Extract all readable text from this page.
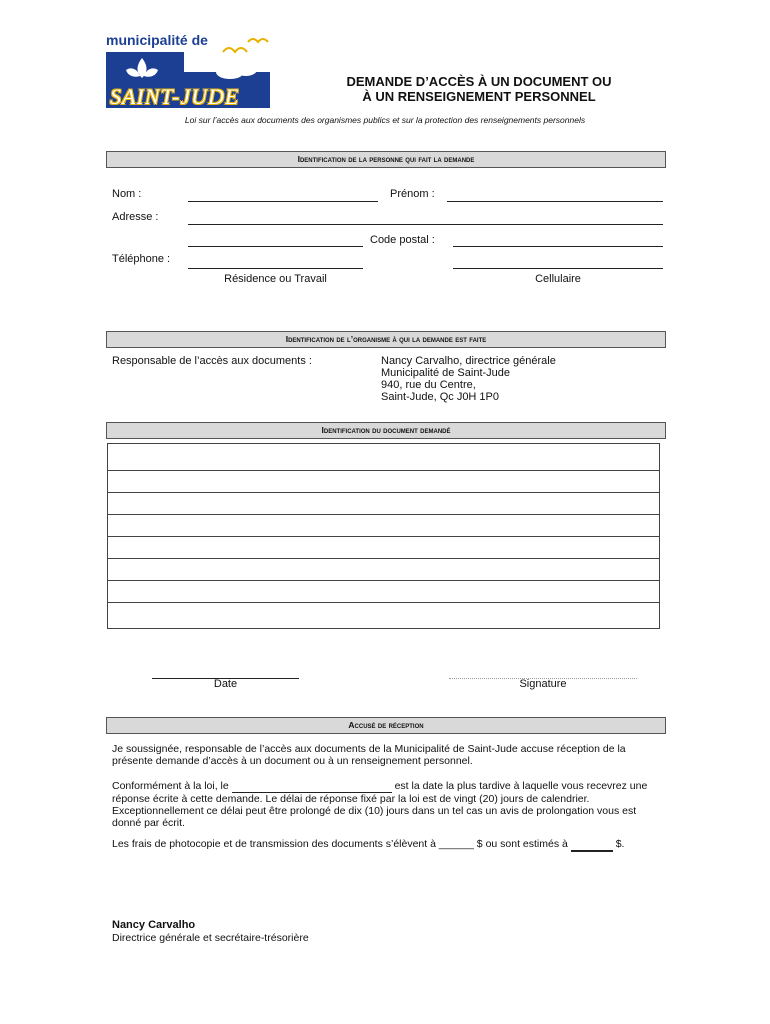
municipalité de
SAINT-JUDE
DEMANDE D’ACCÈS À UN DOCUMENT OU
À UN RENSEIGNEMENT PERSONNEL
Loi sur l’accès aux documents des organismes publics et sur la protection des renseignements personnels
Identification de la personne qui fait la demande
Nom :	Prénom :
Adresse :
Code postal :
Téléphone :
Résidence ou Travail	Cellulaire
Identification de l’organisme à qui la demande est faite
Responsable de l’accès aux documents :	Nancy Carvalho, directrice générale
Municipalité de Saint-Jude
940, rue du Centre,
Saint-Jude, Qc J0H 1P0
Identification du document demandé
Date	Signature
Accusé de réception
Je soussignée, responsable de l’accès aux documents de la Municipalité de Saint-Jude accuse réception de la présente demande d’accès à un document ou à un renseignement personnel.
Conformément à la loi, le	est la date la plus tardive à laquelle vous recevrez une réponse écrite à cette demande. Le délai de réponse fixé par la loi est de vingt (20) jours de calendrier. Exceptionnellement ce délai peut être prolongé de dix (10) jours dans un tel cas un avis de prolongation vous est donné par écrit.
Les frais de photocopie et de transmission des documents s’élèvent à ______ $ ou sont estimés à	$.
Nancy Carvalho
Directrice générale et secrétaire-trésorière
